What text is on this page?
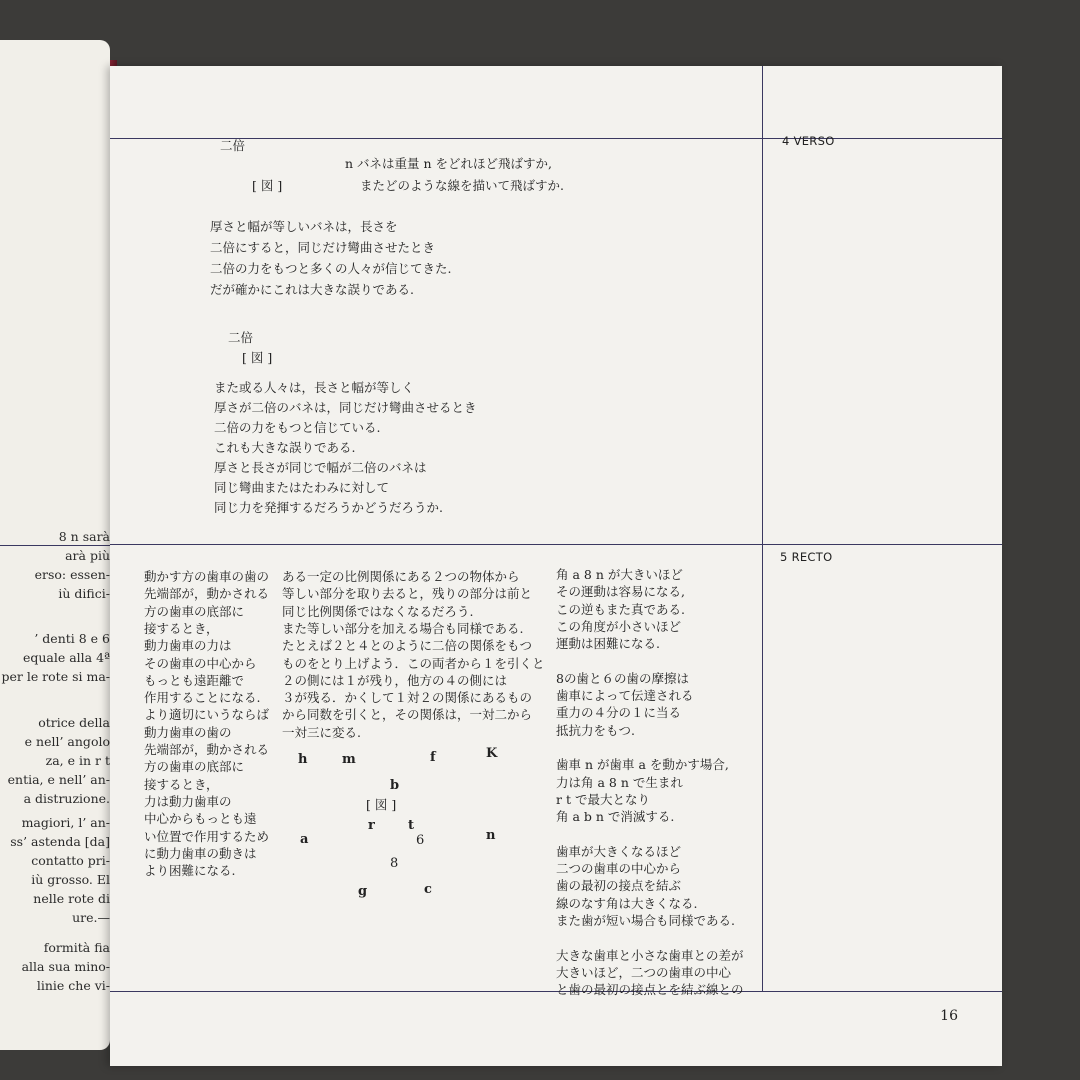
8 n sarà
arà più
erso: essen-
iù difici-
’ denti 8 e 6
equale alla 4ª
per le rote si ma-
otrice della
e nell’ angolo
za, e in r t
entia, e nell’ an-
a distruzione.
magiori, l’ an-
ss’ astenda [da]
contatto pri-
iù grosso. El
nelle rote di
ure.—
formità fia
alla sua mino-
linie che vi-
4 VERSO
5 RECTO
二倍
n バネは重量 n をどれほど飛ばすか,
[ 図 ]	またどのような線を描いて飛ばすか.
厚さと幅が等しいバネは，長さを
二倍にすると，同じだけ彎曲させたとき
二倍の力をもつと多くの人々が信じてきた.
だが確かにこれは大きな誤りである.
二倍
[ 図 ]
また或る人々は，長さと幅が等しく
厚さが二倍のバネは，同じだけ彎曲させるとき
二倍の力をもつと信じている.
これも大きな誤りである.
厚さと長さが同じで幅が二倍のバネは
同じ彎曲またはたわみに対して
同じ力を発揮するだろうかどうだろうか.
動かす方の歯車の歯の
先端部が，動かされる
方の歯車の底部に
接するとき，
動力歯車の力は
その歯車の中心から
もっとも遠距離で
作用することになる.
より適切にいうならば
動力歯車の歯の
先端部が，動かされる
方の歯車の底部に
接するとき，
力は動力歯車の
中心からもっとも遠
い位置で作用するため
に動力歯車の動きは
より困難になる.
ある一定の比例関係にある２つの物体から
等しい部分を取り去ると，残りの部分は前と
同じ比例関係ではなくなるだろう.
また等しい部分を加える場合も同様である.
たとえば２と４とのように二倍の関係をもつ
ものをとり上げよう．この両者から１を引くと
２の側には１が残り，他方の４の側には
３が残る．かくして１対２の関係にあるもの
から同数を引くと，その関係は，一対二から
一対三に変る.
h	m	f	K
b
a
r	t
6	n
8
g	c
[ 図 ]
角 a 8 n が大きいほど
その運動は容易になる,
この逆もまた真である.
この角度が小さいほど
運動は困難になる.
8の歯と６の歯の摩擦は
歯車によって伝達される
重力の４分の１に当る
抵抗力をもつ.
歯車 n が歯車 a を動かす場合,
力は角 a 8 n で生まれ
r t で最大となり
角 a b n で消滅する.
歯車が大きくなるほど
二つの歯車の中心から
歯の最初の接点を結ぶ
線のなす角は大きくなる.
また歯が短い場合も同様である.
大きな歯車と小さな歯車との差が
大きいほど，二つの歯車の中心
と歯の最初の接点とを結ぶ線との
16
